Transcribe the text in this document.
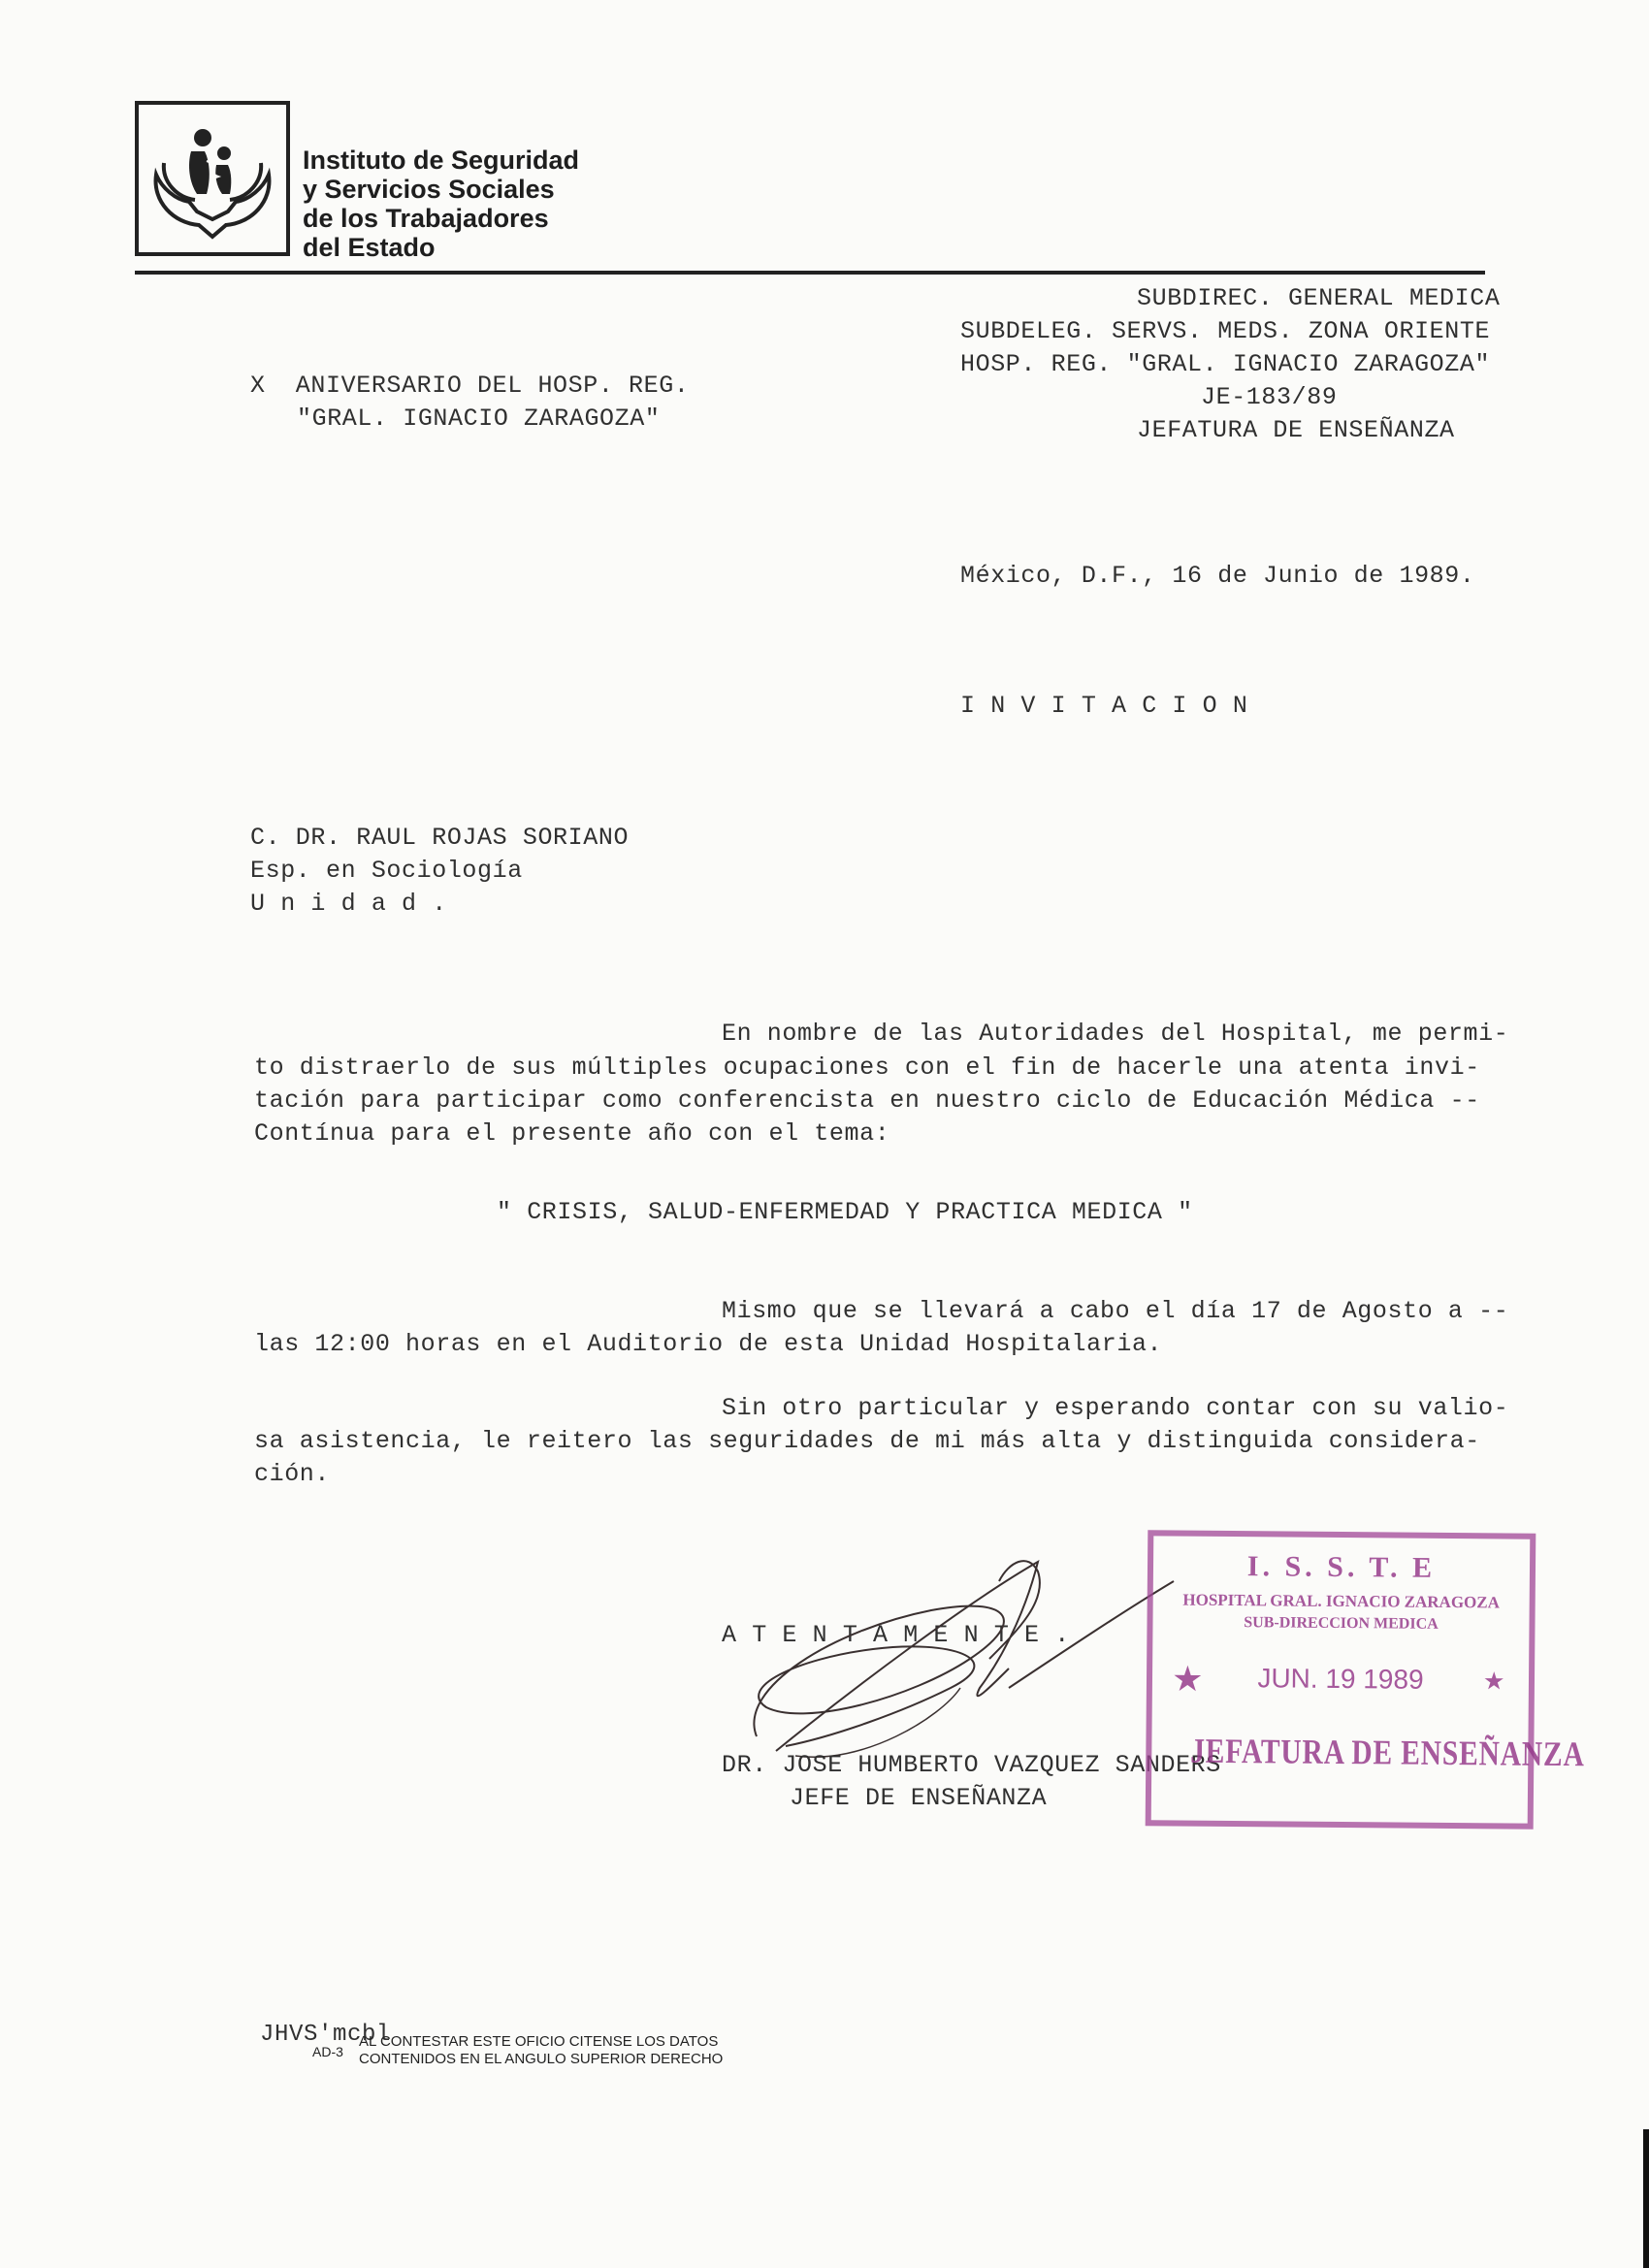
Instituto de Seguridad
y Servicios Sociales
de los Trabajadores
del Estado
SUBDIREC. GENERAL MEDICA
SUBDELEG. SERVS. MEDS. ZONA ORIENTE
HOSP. REG. "GRAL. IGNACIO ZARAGOZA"
JE-183/89
JEFATURA DE ENSEÑANZA
X  ANIVERSARIO DEL HOSP. REG.
"GRAL. IGNACIO ZARAGOZA"
México, D.F., 16 de Junio de 1989.
I N V I T A C I O N
C. DR. RAUL ROJAS SORIANO
Esp. en Sociología
U n i d a d .
En nombre de las Autoridades del Hospital, me permi-
to distraerlo de sus múltiples ocupaciones con el fin de hacerle una atenta invi-
tación para participar como conferencista en nuestro ciclo de Educación Médica --
Contínua para el presente año con el tema:
" CRISIS, SALUD-ENFERMEDAD Y PRACTICA MEDICA "
Mismo que se llevará a cabo el día 17 de Agosto a --
las 12:00 horas en el Auditorio de esta Unidad Hospitalaria.
Sin otro particular y esperando contar con su valio-
sa asistencia, le reitero las seguridades de mi más alta y distinguida considera-
ción.
A T E N T A M E N T E .
DR. JOSE HUMBERTO VAZQUEZ SANDERS
JEFE DE ENSEÑANZA
I. S. S. T. E
HOSPITAL GRAL. IGNACIO ZARAGOZA
SUB-DIRECCION MEDICA
★	JUN. 19 1989	★
JEFATURA DE ENSEÑANZA
JHVS'mcbl
AD-3
AL CONTESTAR ESTE OFICIO CITENSE LOS DATOS
CONTENIDOS EN EL ANGULO SUPERIOR DERECHO
